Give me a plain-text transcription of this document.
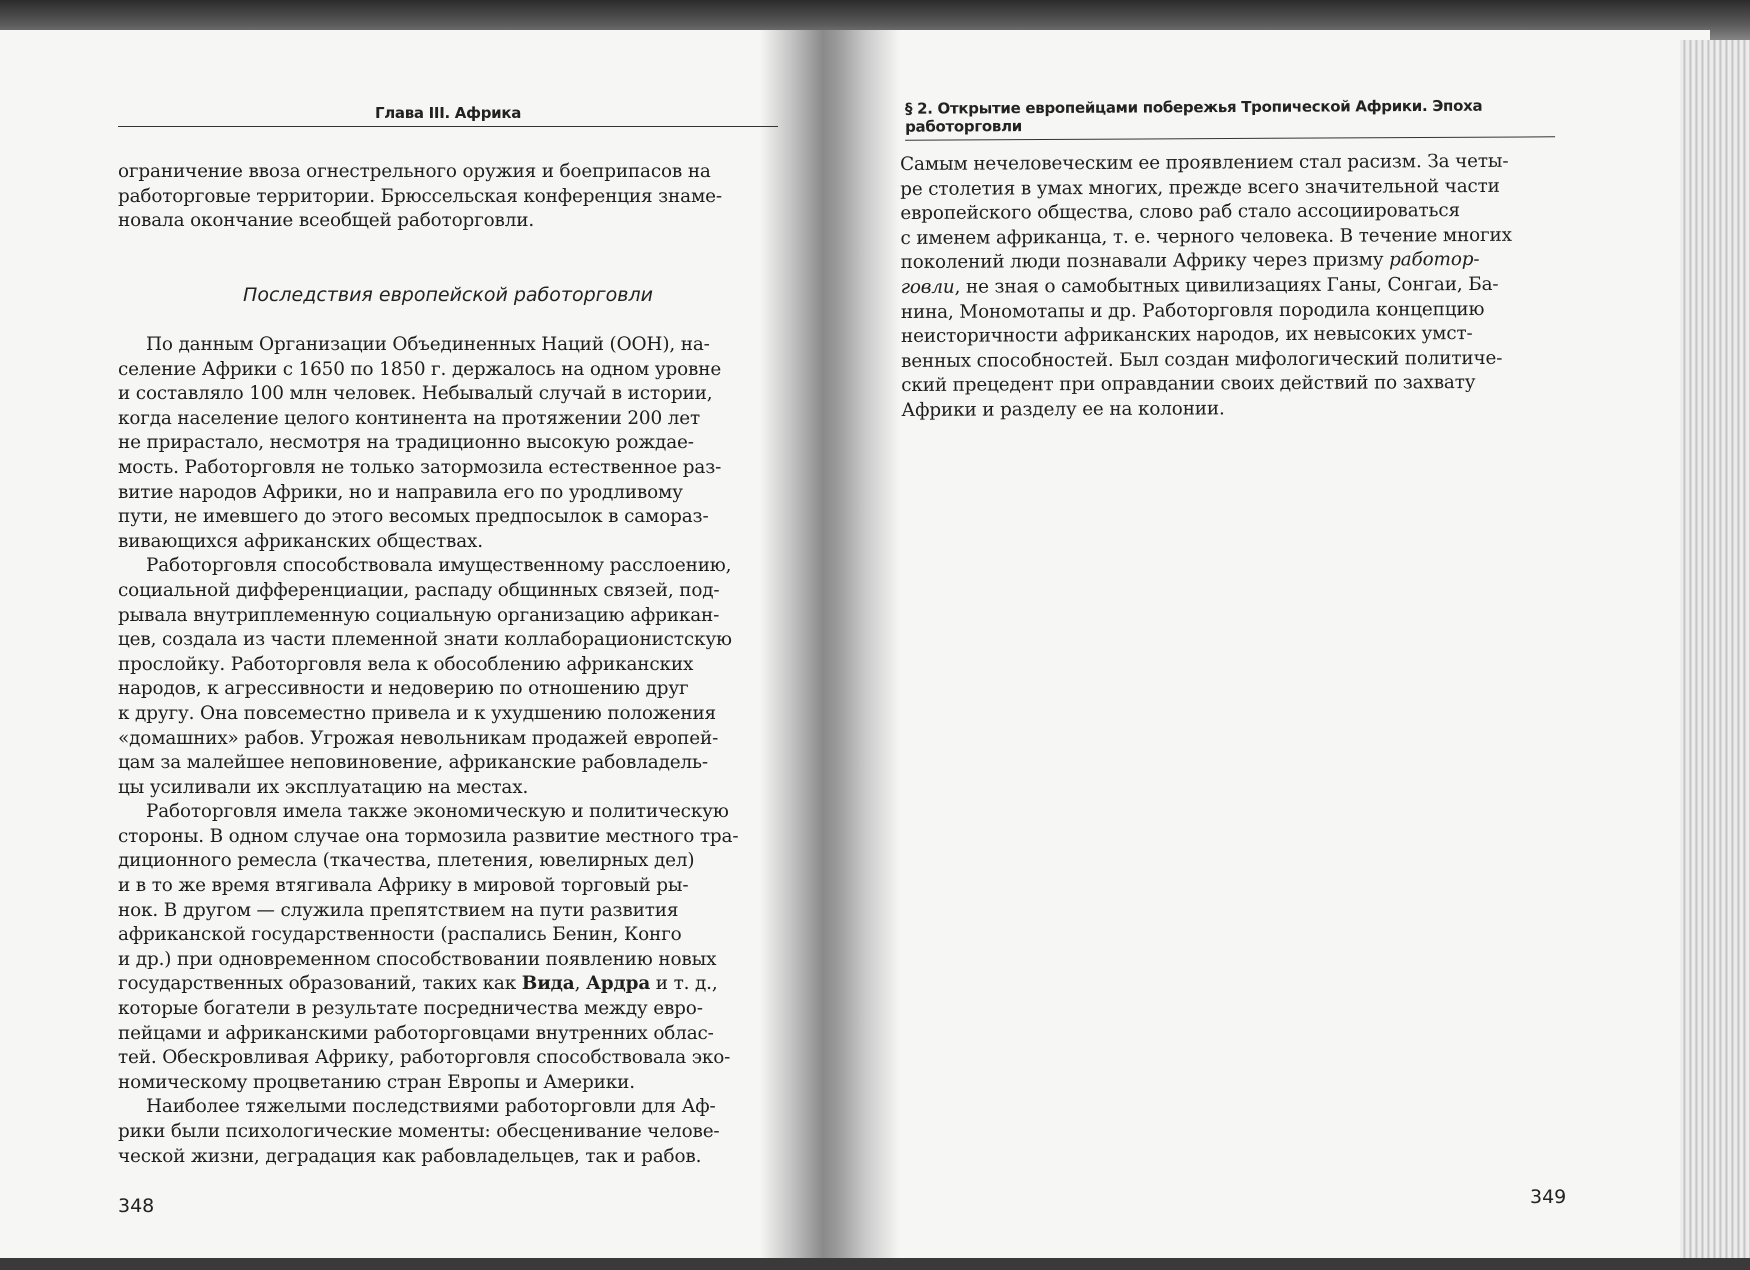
Глава III. Африка

ограничение ввоза огнестрельного оружия и боеприпасов на

работорговые территории. Брюссельская конференция знаме-

новала окончание всеобщей работорговли.

Последствия европейской работорговли

По данным Организации Объединенных Наций (ООН), на-

селение Африки с 1650 по 1850 г. держалось на одном уровне

и составляло 100 млн человек. Небывалый случай в истории,

когда население целого континента на протяжении 200 лет

не прирастало, несмотря на традиционно высокую рождае-

мость. Работорговля не только затормозила естественное раз-

витие народов Африки, но и направила его по уродливому

пути, не имевшего до этого весомых предпосылок в самораз-

вивающихся африканских обществах.

Работорговля способствовала имущественному расслоению,

социальной дифференциации, распаду общинных связей, под-

рывала внутриплеменную социальную организацию африкан-

цев, создала из части племенной знати коллаборационистскую

прослойку. Работорговля вела к обособлению африканских

народов, к агрессивности и недоверию по отношению друг

к другу. Она повсеместно привела и к ухудшению положения

«домашних» рабов. Угрожая невольникам продажей европей-

цам за малейшее неповиновение, африканские рабовладель-

цы усиливали их эксплуатацию на местах.

Работорговля имела также экономическую и политическую

стороны. В одном случае она тормозила развитие местного тра-

диционного ремесла (ткачества, плетения, ювелирных дел)

и в то же время втягивала Африку в мировой торговый ры-

нок. В другом — служила препятствием на пути развития

африканской государственности (распались Бенин, Конго

и др.) при одновременном способствовании появлению новых

государственных образований, таких как Вида, Ардра и т. д.,

которые богатели в результате посредничества между евро-

пейцами и африканскими работорговцами внутренних облас-

тей. Обескровливая Африку, работорговля способствовала эко-

номическому процветанию стран Европы и Америки.

Наиболее тяжелыми последствиями работорговли для Аф-

рики были психологические моменты: обесценивание челове-

ческой жизни, деградация как рабовладельцев, так и рабов.

348
§ 2. Открытие европейцами побережья Тропической Африки. Эпоха работорговли

Самым нечеловеческим ее проявлением стал расизм. За четы-

ре столетия в умах многих, прежде всего значительной части

европейского общества, слово раб стало ассоциироваться

с именем африканца, т. е. черного человека. В течение многих

поколений люди познавали Африку через призму работор-

говли, не зная о самобытных цивилизациях Ганы, Сонгаи, Ба-

нина, Мономотапы и др. Работорговля породила концепцию

неисторичности африканских народов, их невысоких умст-

венных способностей. Был создан мифологический политиче-

ский прецедент при оправдании своих действий по захвату

Африки и разделу ее на колонии.

349
